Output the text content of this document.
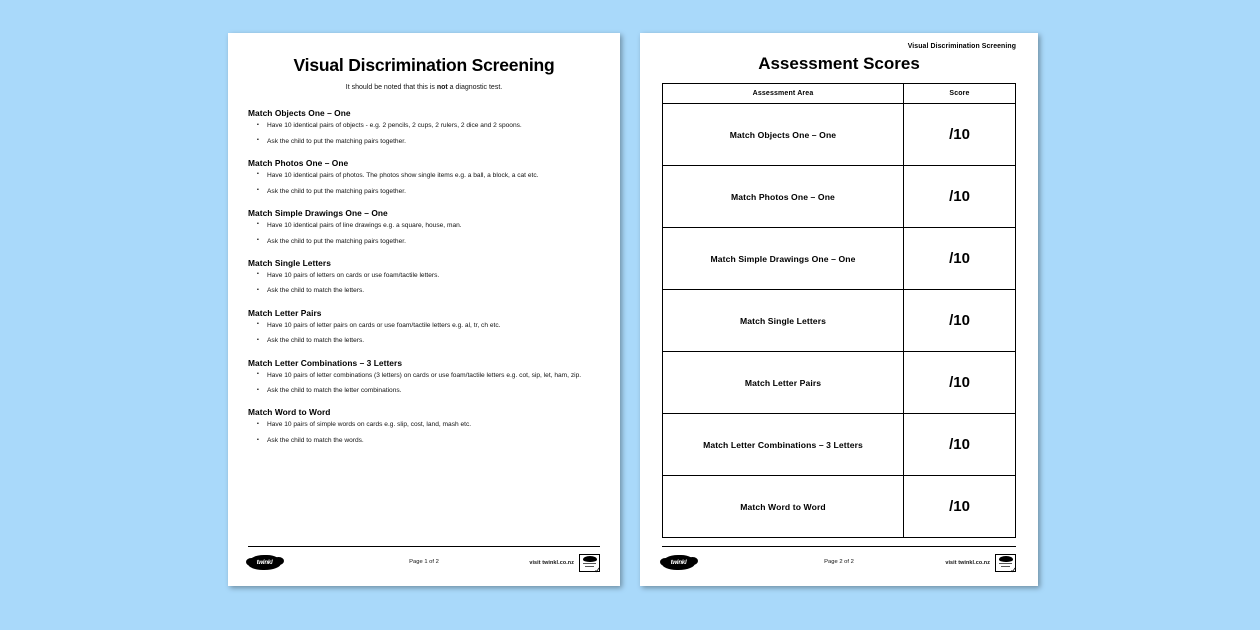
Visual Discrimination Screening
It should be noted that this is not a diagnostic test.
Match Objects One – One
▪ Have 10 identical pairs of objects - e.g. 2 pencils, 2 cups, 2 rulers, 2 dice and 2 spoons.
▪ Ask the child to put the matching pairs together.
Match Photos One – One
▪ Have 10 identical pairs of photos. The photos show single items e.g. a ball, a block, a cat etc.
▪ Ask the child to put the matching pairs together.
Match Simple Drawings One – One
▪ Have 10 identical pairs of line drawings e.g. a square, house, man.
▪ Ask the child to put the matching pairs together.
Match Single Letters
▪ Have 10 pairs of letters on cards or use foam/tactile letters.
▪ Ask the child to match the letters.
Match Letter Pairs
▪ Have 10 pairs of letter pairs on cards or use foam/tactile letters e.g. al, tr, ch etc.
▪ Ask the child to match the letters.
Match Letter Combinations – 3 Letters
▪ Have 10 pairs of letter combinations (3 letters) on cards or use foam/tactile letters e.g. cot, sip, let, ham, zip.
▪ Ask the child to match the letter combinations.
Match Word to Word
▪ Have 10 pairs of simple words on cards e.g. slip, cost, land, mash etc.
▪ Ask the child to match the words.
twinkl	Page 1 of 2	visit twinkl.co.nz
✓
Visual Discrimination Screening
Assessment Scores
Assessment Area	Score
Match Objects One – One	/10
Match Photos One – One	/10
Match Simple Drawings One – One	/10
Match Single Letters	/10
Match Letter Pairs	/10
Match Letter Combinations – 3 Letters	/10
Match Word to Word	/10
twinkl	Page 2 of 2	visit twinkl.co.nz
✓
